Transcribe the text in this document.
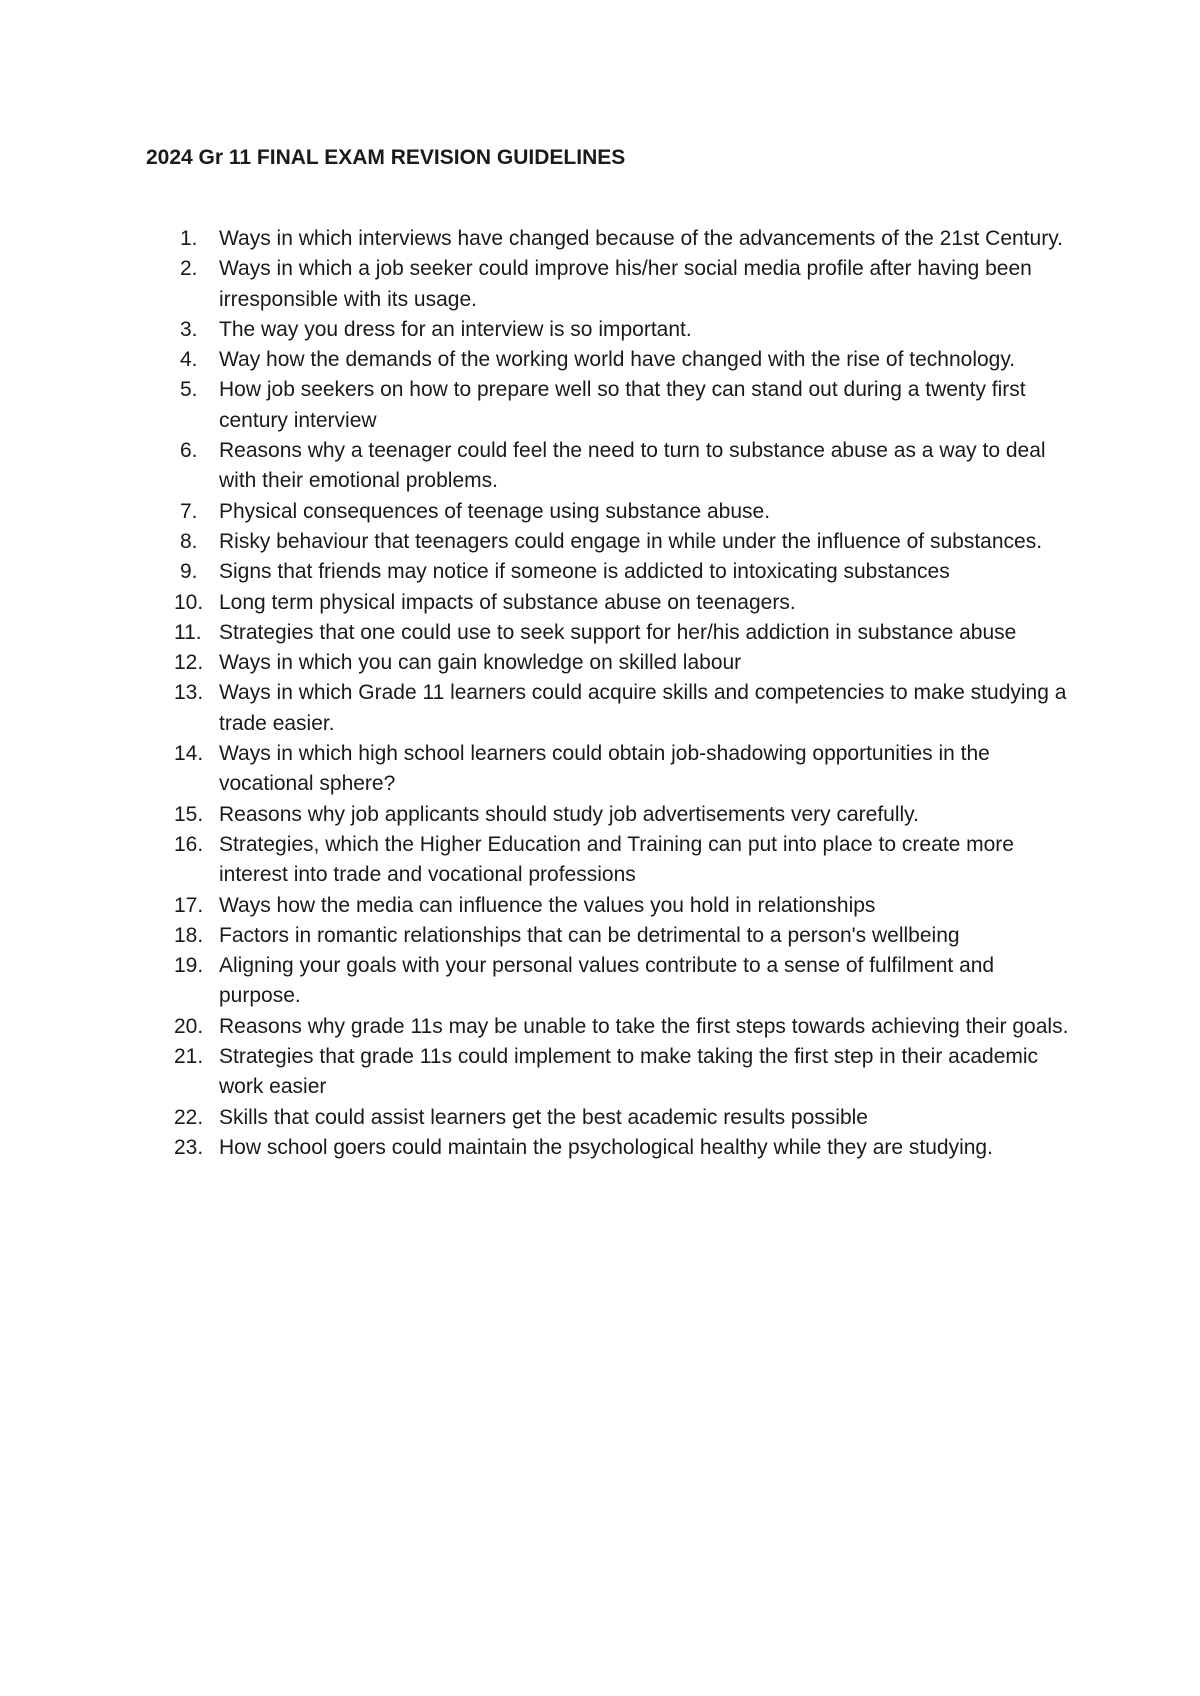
2024 Gr 11 FINAL EXAM REVISION GUIDELINES
1. Ways in which interviews have changed because of the advancements of the 21st Century.
2. Ways in which a job seeker could improve his/her social media profile after having been irresponsible with its usage.
3. The way you dress for an interview is so important.
4. Way how the demands of the working world have changed with the rise of technology.
5. How job seekers on how to prepare well so that they can stand out during a twenty first century interview
6. Reasons why a teenager could feel the need to turn to substance abuse as a way to deal with their emotional problems.
7. Physical consequences of teenage using substance abuse.
8. Risky behaviour that teenagers could engage in while under the influence of substances.
9. Signs that friends may notice if someone is addicted to intoxicating substances
10. Long term physical impacts of substance abuse on teenagers.
11. Strategies that one could use to seek support for her/his addiction in substance abuse
12. Ways in which you can gain knowledge on skilled labour
13. Ways in which Grade 11 learners could acquire skills and competencies to make studying a trade easier.
14. Ways in which high school learners could obtain job-shadowing opportunities in the vocational sphere?
15. Reasons why job applicants should study job advertisements very carefully.
16. Strategies, which the Higher Education and Training can put into place to create more interest into trade and vocational professions
17. Ways how the media can influence the values you hold in relationships
18. Factors in romantic relationships that can be detrimental to a person's wellbeing
19. Aligning your goals with your personal values contribute to a sense of fulfilment and purpose.
20. Reasons why grade 11s may be unable to take the first steps towards achieving their goals.
21. Strategies that grade 11s could implement to make taking the first step in their academic work easier
22. Skills that could assist learners get the best academic results possible
23. How school goers could maintain the psychological healthy while they are studying.
